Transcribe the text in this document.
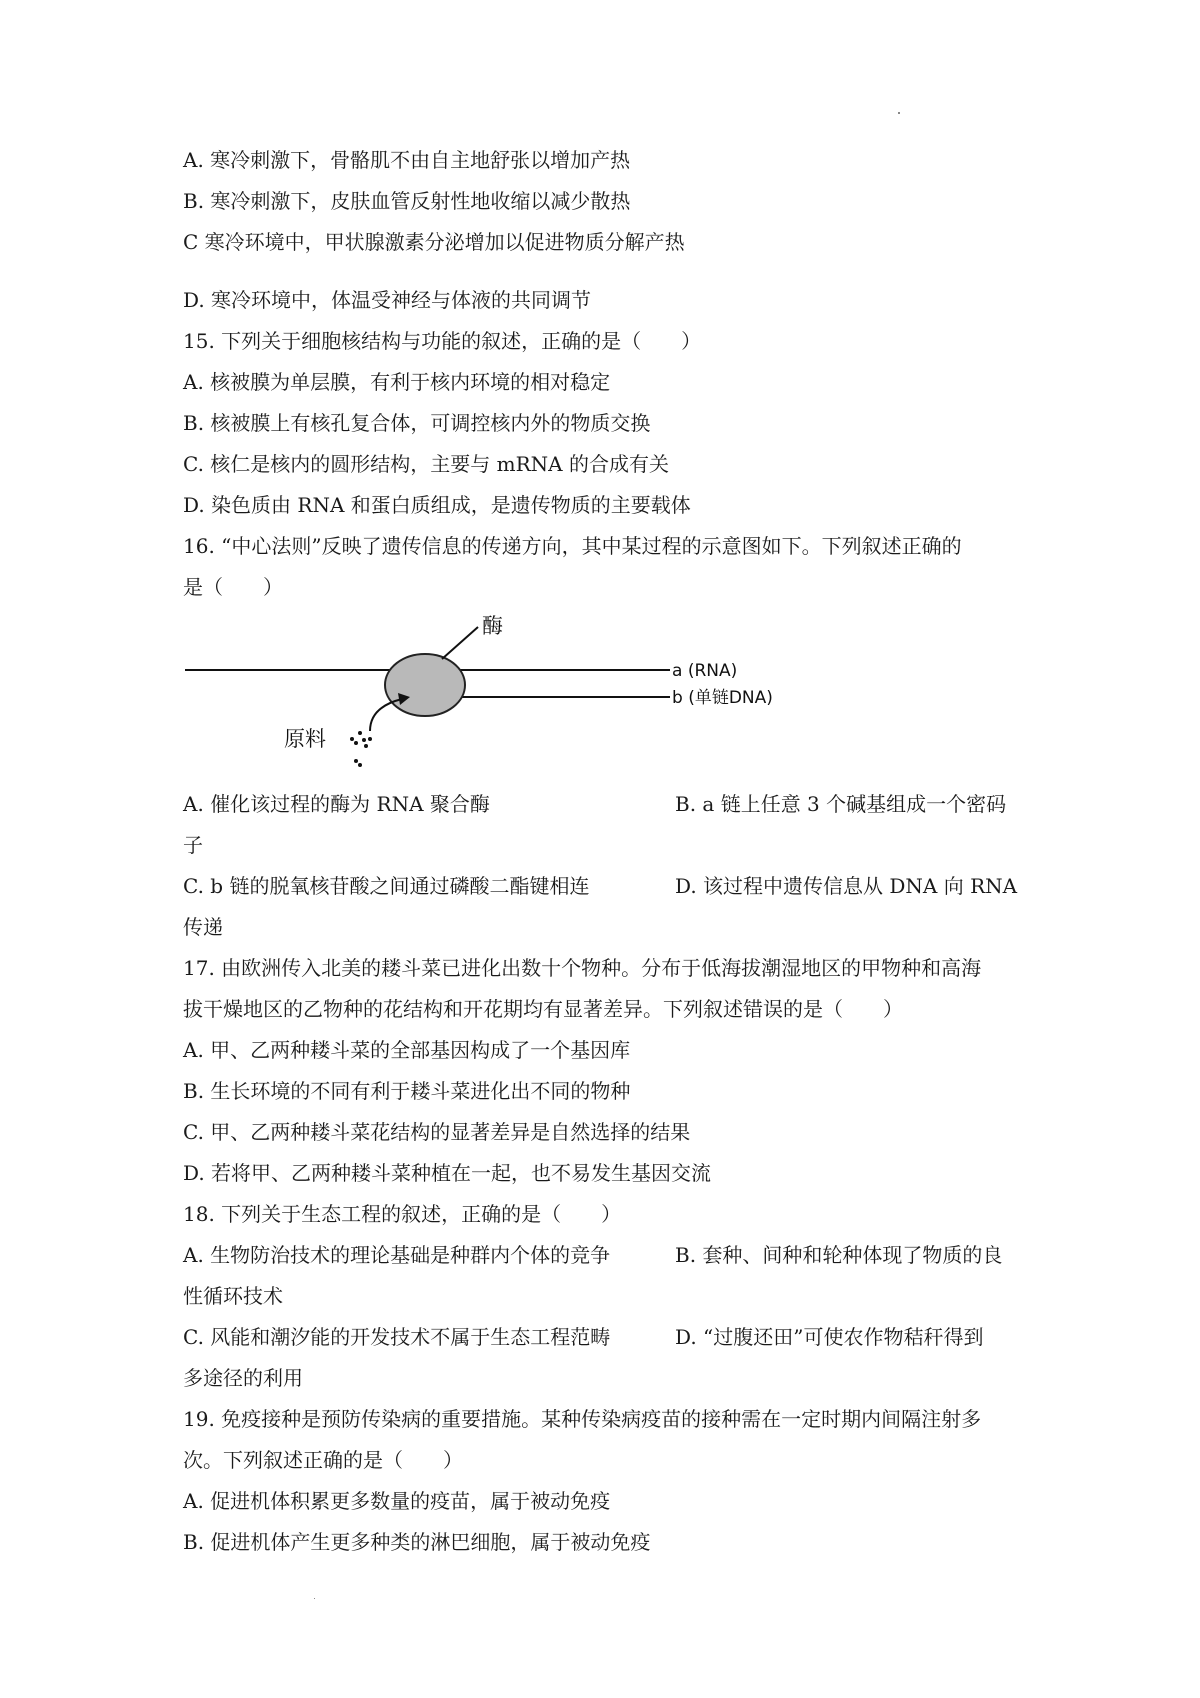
A. 寒冷刺激下，骨骼肌不由自主地舒张以增加产热
B. 寒冷刺激下，皮肤血管反射性地收缩以减少散热
C 寒冷环境中，甲状腺激素分泌增加以促进物质分解产热
D. 寒冷环境中，体温受神经与体液的共同调节
15. 下列关于细胞核结构与功能的叙述，正确的是（　　）
A. 核被膜为单层膜，有利于核内环境的相对稳定
B. 核被膜上有核孔复合体，可调控核内外的物质交换
C. 核仁是核内的圆形结构，主要与 mRNA 的合成有关
D. 染色质由 RNA 和蛋白质组成，是遗传物质的主要载体
16. “中心法则”反映了遗传信息的传递方向，其中某过程的示意图如下。下列叙述正确的
是（　　）
酶
a (RNA)
b (单链DNA)
原料
A. 催化该过程的酶为 RNA 聚合酶	B. a 链上任意 3 个碱基组成一个密码
子
C. b 链的脱氧核苷酸之间通过磷酸二酯键相连	D. 该过程中遗传信息从 DNA 向 RNA
传递
17. 由欧洲传入北美的耧斗菜已进化出数十个物种。分布于低海拔潮湿地区的甲物种和高海
拔干燥地区的乙物种的花结构和开花期均有显著差异。下列叙述错误的是（　　）
A. 甲、乙两种耧斗菜的全部基因构成了一个基因库
B. 生长环境的不同有利于耧斗菜进化出不同的物种
C. 甲、乙两种耧斗菜花结构的显著差异是自然选择的结果
D. 若将甲、乙两种耧斗菜种植在一起，也不易发生基因交流
18. 下列关于生态工程的叙述，正确的是（　　）
A. 生物防治技术的理论基础是种群内个体的竞争	B. 套种、间种和轮种体现了物质的良
性循环技术
C. 风能和潮汐能的开发技术不属于生态工程范畴	D. “过腹还田”可使农作物秸秆得到
多途径的利用
19. 免疫接种是预防传染病的重要措施。某种传染病疫苗的接种需在一定时期内间隔注射多
次。下列叙述正确的是（　　）
A. 促进机体积累更多数量的疫苗，属于被动免疫
B. 促进机体产生更多种类的淋巴细胞，属于被动免疫
